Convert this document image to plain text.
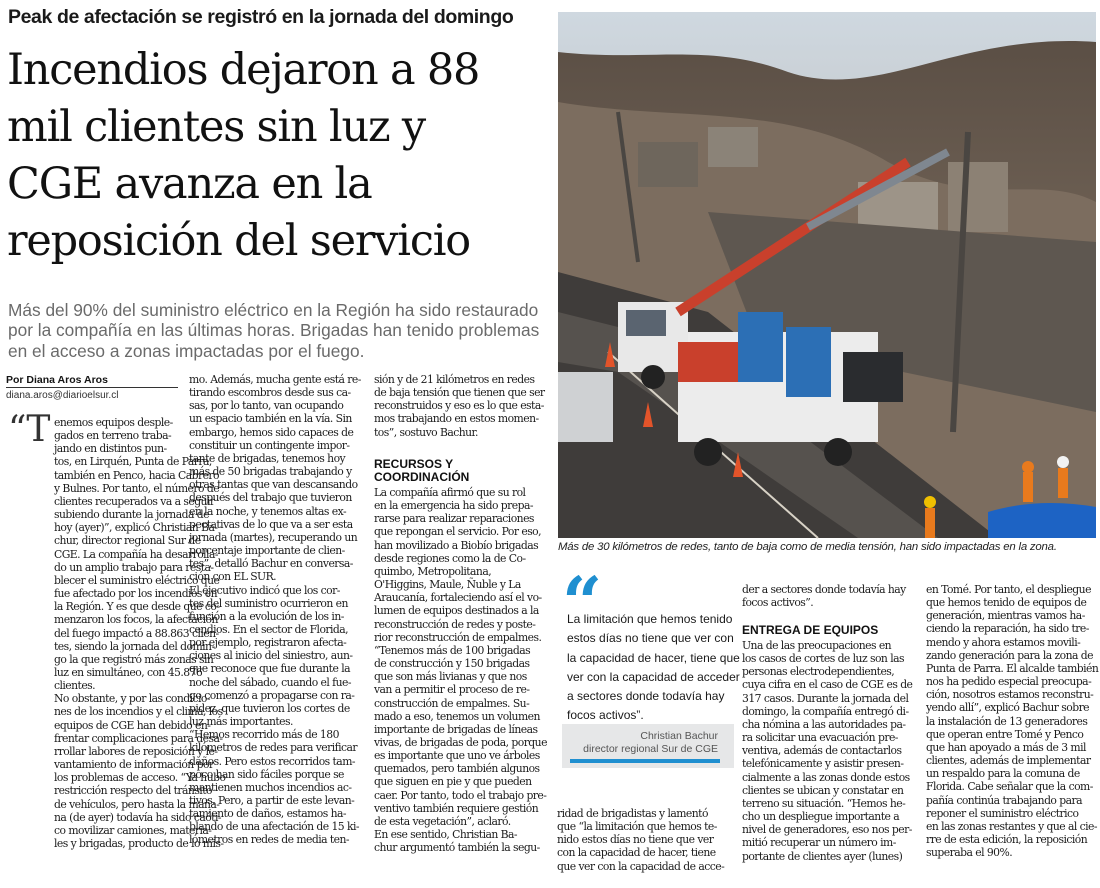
Peak de afectación se registró en la jornada del domingo
Incendios dejaron a 88
mil clientes sin luz y
CGE avanza en la
reposición del servicio
Más del 90% del suministro eléctrico en la Región ha sido restaurado
por la compañía en las últimas horas. Brigadas han tenido problemas
en el acceso a zonas impactadas por el fuego.
Por Diana Aros Aros
diana.aros@diarioelsur.cl
“T enemos equipos desple-
gados en terreno traba-
jando en distintos pun-
tos, en Lirquén, Punta de Parra,
también en Penco, hacia Cabrero
y Bulnes. Por tanto, el número de
clientes recuperados va a seguir
subiendo durante la jornada de
hoy (ayer)”, explicó Christian Ba-
chur, director regional Sur de
CGE. La compañía ha desarrolla-
do un amplio trabajo para resta-
blecer el suministro eléctrico que
fue afectado por los incendios en
la Región. Y es que desde que co-
menzaron los focos, la afectación
del fuego impactó a 88.863 clien-
tes, siendo la jornada del domin-
go la que registró más zonas sin
luz en simultáneo, con 45.876
clientes.
No obstante, y por las condicio-
nes de los incendios y el clima, los
equipos de CGE han debido en-
frentar complicaciones para desa-
rrollar labores de reposición y le-
vantamiento de información por
los problemas de acceso. “Ya hubo
restricción respecto del tránsito
de vehículos, pero hasta la maña-
na (de ayer) todavía ha sido caóti-
co movilizar camiones, materia-
les y brigadas, producto de lo mis-
mo. Además, mucha gente está re-
tirando escombros desde sus ca-
sas, por lo tanto, van ocupando
un espacio también en la vía. Sin
embargo, hemos sido capaces de
constituir un contingente impor-
tante de brigadas, tenemos hoy
más de 50 brigadas trabajando y
otras tantas que van descansando
después del trabajo que tuvieron
en la noche, y tenemos altas ex-
pectativas de lo que va a ser esta
jornada (martes), recuperando un
porcentaje importante de clien-
tes”, detalló Bachur en conversa-
ción con EL SUR.
El ejecutivo indicó que los cor-
tes del suministro ocurrieron en
función a la evolución de los in-
cendios. En el sector de Florida,
por ejemplo, registraron afecta-
ciones al inicio del siniestro, aun-
que reconoce que fue durante la
noche del sábado, cuando el fue-
go comenzó a propagarse con ra-
pidez, que tuvieron los cortes de
luz más importantes.
“Hemos recorrido más de 180
kilómetros de redes para verificar
daños. Pero estos recorridos tam-
poco han sido fáciles porque se
mantienen muchos incendios ac-
tivos. Pero, a partir de este levan-
tamiento de daños, estamos ha-
blando de una afectación de 15 ki-
lómetros en redes de media ten-
sión y de 21 kilómetros en redes
de baja tensión que tienen que ser
reconstruidos y eso es lo que esta-
mos trabajando en estos momen-
tos”, sostuvo Bachur.
RECURSOS Y
COORDINACIÓN
La compañía afirmó que su rol
en la emergencia ha sido prepa-
rarse para realizar reparaciones
que repongan el servicio. Por eso,
han movilizado a Biobío brigadas
desde regiones como la de Co-
quimbo, Metropolitana,
O'Higgins, Maule, Ñuble y La
Araucanía, fortaleciendo así el vo-
lumen de equipos destinados a la
reconstrucción de redes y poste-
rior reconstrucción de empalmes.
“Tenemos más de 100 brigadas
de construcción y 150 brigadas
que son más livianas y que nos
van a permitir el proceso de re-
construcción de empalmes. Su-
mado a eso, tenemos un volumen
importante de brigadas de líneas
vivas, de brigadas de poda, porque
es importante que uno ve árboles
quemados, pero también algunos
que siguen en pie y que pueden
caer. Por tanto, todo el trabajo pre-
ventivo también requiere gestión
de esta vegetación”, aclaró.
En ese sentido, Christian Ba-
chur argumentó también la segu-
Más de 30 kilómetros de redes, tanto de baja como de media tensión, han sido impactadas en la zona.
“
La limitación que hemos tenido
estos días no tiene que ver con
la capacidad de hacer, tiene que
ver con la capacidad de acceder
a sectores donde todavía hay
focos activos”.
Christian Bachur
director regional Sur de CGE
ridad de brigadistas y lamentó
que “la limitación que hemos te-
nido estos días no tiene que ver
con la capacidad de hacer, tiene
que ver con la capacidad de acce-
der a sectores donde todavía hay
focos activos”.
ENTREGA DE EQUIPOS
Una de las preocupaciones en
los casos de cortes de luz son las
personas electrodependientes,
cuya cifra en el caso de CGE es de
317 casos. Durante la jornada del
domingo, la compañía entregó di-
cha nómina a las autoridades pa-
ra solicitar una evacuación pre-
ventiva, además de contactarlos
telefónicamente y asistir presen-
cialmente a las zonas donde estos
clientes se ubican y constatar en
terreno su situación. “Hemos he-
cho un despliegue importante a
nivel de generadores, eso nos per-
mitió recuperar un número im-
portante de clientes ayer (lunes)
en Tomé. Por tanto, el despliegue
que hemos tenido de equipos de
generación, mientras vamos ha-
ciendo la reparación, ha sido tre-
mendo y ahora estamos movili-
zando generación para la zona de
Punta de Parra. El alcalde también
nos ha pedido especial preocupa-
ción, nosotros estamos reconstru-
yendo allí”, explicó Bachur sobre
la instalación de 13 generadores
que operan entre Tomé y Penco
que han apoyado a más de 3 mil
clientes, además de implementar
un respaldo para la comuna de
Florida. Cabe señalar que la com-
pañía continúa trabajando para
reponer el suministro eléctrico
en las zonas restantes y que al cie-
rre de esta edición, la reposición
superaba el 90%.
